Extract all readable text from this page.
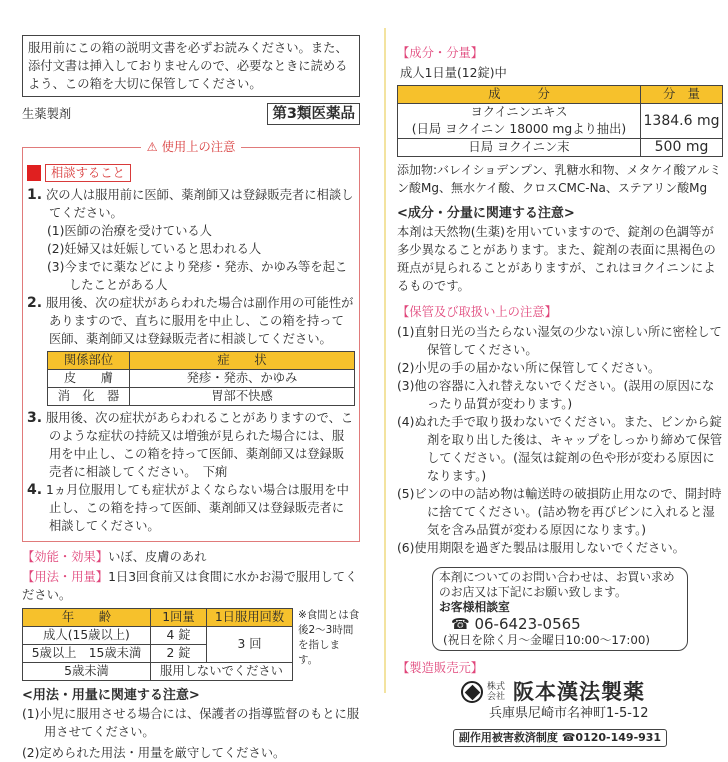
服用前にこの箱の説明文書を必ずお読みください。また、添付文書は挿入しておりませんので、必要なときに読めるよう、この箱を大切に保管してください。
生薬製剤	第3類医薬品
⚠ 使用上の注意
相談すること
1. 次の人は服用前に医師、薬剤師又は登録販売者に相談してください。
(1)医師の治療を受けている人
(2)妊婦又は妊娠していると思われる人
(3)今までに薬などにより発疹・発赤、かゆみ等を起こしたことがある人
2. 服用後、次の症状があらわれた場合は副作用の可能性がありますので、直ちに服用を中止し、この箱を持って医師、薬剤師又は登録販売者に相談してください。
関係部位	症　　状
皮　　膚	発疹・発赤、かゆみ
消　化　器	胃部不快感
3. 服用後、次の症状があらわれることがありますので、このような症状の持続又は増強が見られた場合には、服用を中止し、この箱を持って医師、薬剤師又は登録販売者に相談してください。　下痢
4. 1ヵ月位服用しても症状がよくならない場合は服用を中止し、この箱を持って医師、薬剤師又は登録販売者に相談してください。
【効能・効果】いぼ、皮膚のあれ
【用法・用量】1日3回食前又は食間に水かお湯で服用してください。
年　　齢	1回量	1日服用回数
成人(15歳以上)	4 錠	3 回
5歳以上　15歳未満	2 錠	
5歳未満	服用しないでください	
※食間とは食後2〜3時間を指します。
<用法・用量に関連する注意>
(1)小児に服用させる場合には、保護者の指導監督のもとに服用させてください。
(2)定められた用法・用量を厳守してください。
【成分・分量】
成人1日量(12錠)中
成　　　分	分　量

ヨクイニンエキス
(日局 ヨクイニン 18000 mgより抽出)	1384.6 mg
日局 ヨクイニン末	500 mg
添加物:バレイショデンプン、乳糖水和物、メタケイ酸アルミン酸Mg、無水ケイ酸、クロスCMC-Na、ステアリン酸Mg
<成分・分量に関連する注意>
本剤は天然物(生薬)を用いていますので、錠剤の色調等が多少異なることがあります。また、錠剤の表面に黒褐色の斑点が見られることがありますが、これはヨクイニンによるものです。
【保管及び取扱い上の注意】
(1)直射日光の当たらない湿気の少ない涼しい所に密栓して保管してください。
(2)小児の手の届かない所に保管してください。
(3)他の容器に入れ替えないでください。(誤用の原因になったり品質が変わります。)
(4)ぬれた手で取り扱わないでください。また、ビンから錠剤を取り出した後は、キャップをしっかり締めて保管してください。(湿気は錠剤の色や形が変わる原因になります。)
(5)ビンの中の詰め物は輸送時の破損防止用なので、開封時に捨ててください。(詰め物を再びビンに入れると湿気を含み品質が変わる原因になります。)
(6)使用期限を過ぎた製品は服用しないでください。
本剤についてのお問い合わせは、お買い求めのお店又は下記にお願い致します。
お客様相談室
☎ 06-6423-0565
(祝日を除く月〜金曜日10:00〜17:00)
【製造販売元】
株式会社 阪本漢法製薬
兵庫県尼崎市名神町1-5-12
副作用被害救済制度 ☎0120-149-931
